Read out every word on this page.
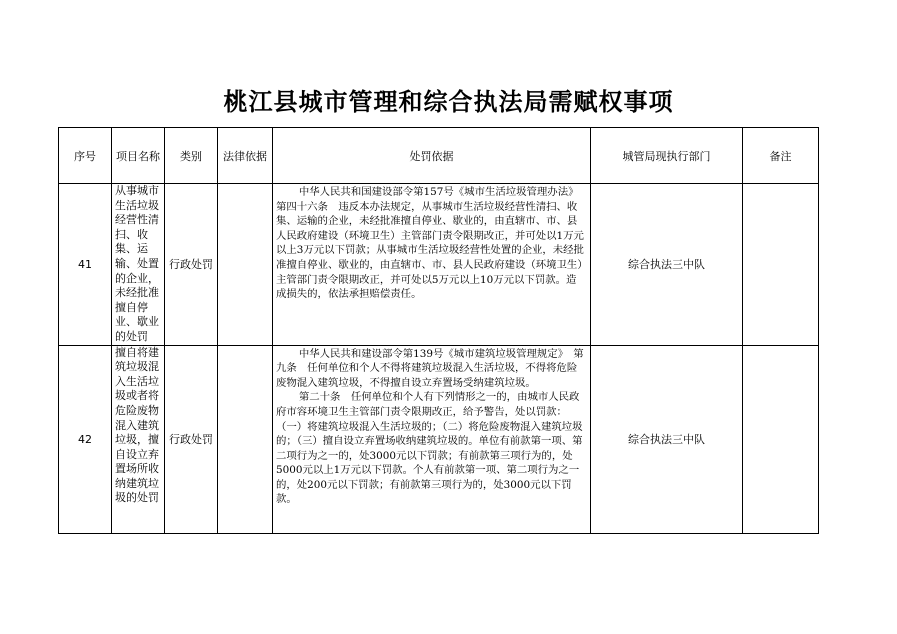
桃江县城市管理和综合执法局需赋权事项
序号	项目名称	类别	法律依据	处罚依据	城管局现执行部门	备注
41	从事城市生活垃圾经营性清扫、收集、运输、处置的企业，未经批准擅自停业、歇业的处罚	行政处罚		中华人民共和国建设部令第157号《城市生活垃圾管理办法》第四十六条　违反本办法规定，从事城市生活垃圾经营性清扫、收集、运输的企业，未经批准擅自停业、歇业的，由直辖市、市、县人民政府建设（环境卫生）主管部门责令限期改正，并可处以1万元以上3万元以下罚款；从事城市生活垃圾经营性处置的企业，未经批准擅自停业、歇业的，由直辖市、市、县人民政府建设（环境卫生）主管部门责令限期改正，并可处以5万元以上10万元以下罚款。造成损失的，依法承担赔偿责任。	综合执法三中队	
42	擅自将建筑垃圾混入生活垃圾或者将危险废物混入建筑垃圾，擅自设立弃置场所收纳建筑垃圾的处罚	行政处罚		中华人民共和建设部令第139号《城市建筑垃圾管理规定》　第九条　任何单位和个人不得将建筑垃圾混入生活垃圾，不得将危险废物混入建筑垃圾，不得擅自设立弃置场受纳建筑垃圾。

第二十条　任何单位和个人有下列情形之一的，由城市人民政府市容环境卫生主管部门责令限期改正，给予警告，处以罚款：（一）将建筑垃圾混入生活垃圾的；（二）将危险废物混入建筑垃圾的；（三）擅自设立弃置场收纳建筑垃圾的。单位有前款第一项、第二项行为之一的，处3000元以下罚款；有前款第三项行为的，处5000元以上1万元以下罚款。个人有前款第一项、第二项行为之一的，处200元以下罚款；有前款第三项行为的，处3000元以下罚款。	综合执法三中队	
